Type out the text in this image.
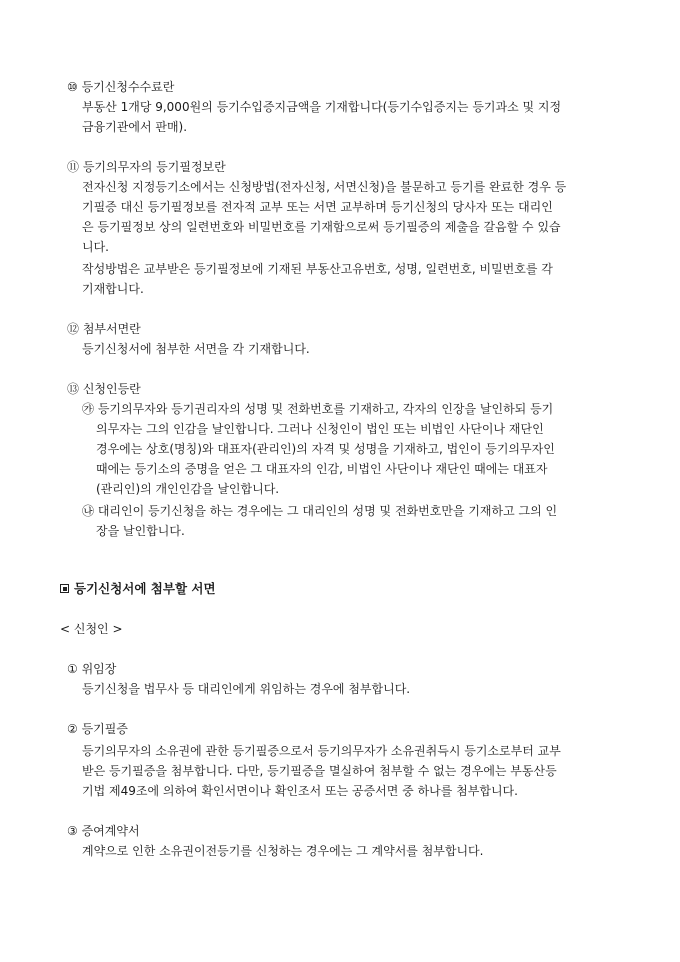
⑩ 등기신청수수료란
부동산 1개당 9,000원의 등기수입증지금액을 기재합니다(등기수입증지는 등기과소 및 지정
금융기관에서 판매).
⑪ 등기의무자의 등기필정보란
전자신청 지정등기소에서는 신청방법(전자신청, 서면신청)을 불문하고 등기를 완료한 경우 등
기필증 대신 등기필정보를 전자적 교부 또는 서면 교부하며 등기신청의 당사자 또는 대리인
은 등기필정보 상의 일련번호와 비밀번호를 기재함으로써 등기필증의 제출을 갈음할 수 있습
니다.
작성방법은 교부받은 등기필정보에 기재된 부동산고유번호, 성명, 일련번호, 비밀번호를 각
기재합니다.
⑫ 첨부서면란
등기신청서에 첨부한 서면을 각 기재합니다.
⑬ 신청인등란
㉮ 등기의무자와 등기권리자의 성명 및 전화번호를 기재하고, 각자의 인장을 날인하되 등기
의무자는 그의 인감을 날인합니다. 그러나 신청인이 법인 또는 비법인 사단이나 재단인
경우에는 상호(명칭)와 대표자(관리인)의 자격 및 성명을 기재하고, 법인이 등기의무자인
때에는 등기소의 증명을 얻은 그 대표자의 인감, 비법인 사단이나 재단인 때에는 대표자
(관리인)의 개인인감을 날인합니다.
㉯ 대리인이 등기신청을 하는 경우에는 그 대리인의 성명 및 전화번호만을 기재하고 그의 인
장을 날인합니다.
등기신청서에 첨부할 서면
< 신청인 >
① 위임장
등기신청을 법무사 등 대리인에게 위임하는 경우에 첨부합니다.
② 등기필증
등기의무자의 소유권에 관한 등기필증으로서 등기의무자가 소유권취득시 등기소로부터 교부
받은 등기필증을 첨부합니다. 다만, 등기필증을 멸실하여 첨부할 수 없는 경우에는 부동산등
기법 제49조에 의하여 확인서면이나 확인조서 또는 공증서면 중 하나를 첨부합니다.
③ 증여계약서
계약으로 인한 소유권이전등기를 신청하는 경우에는 그 계약서를 첨부합니다.
